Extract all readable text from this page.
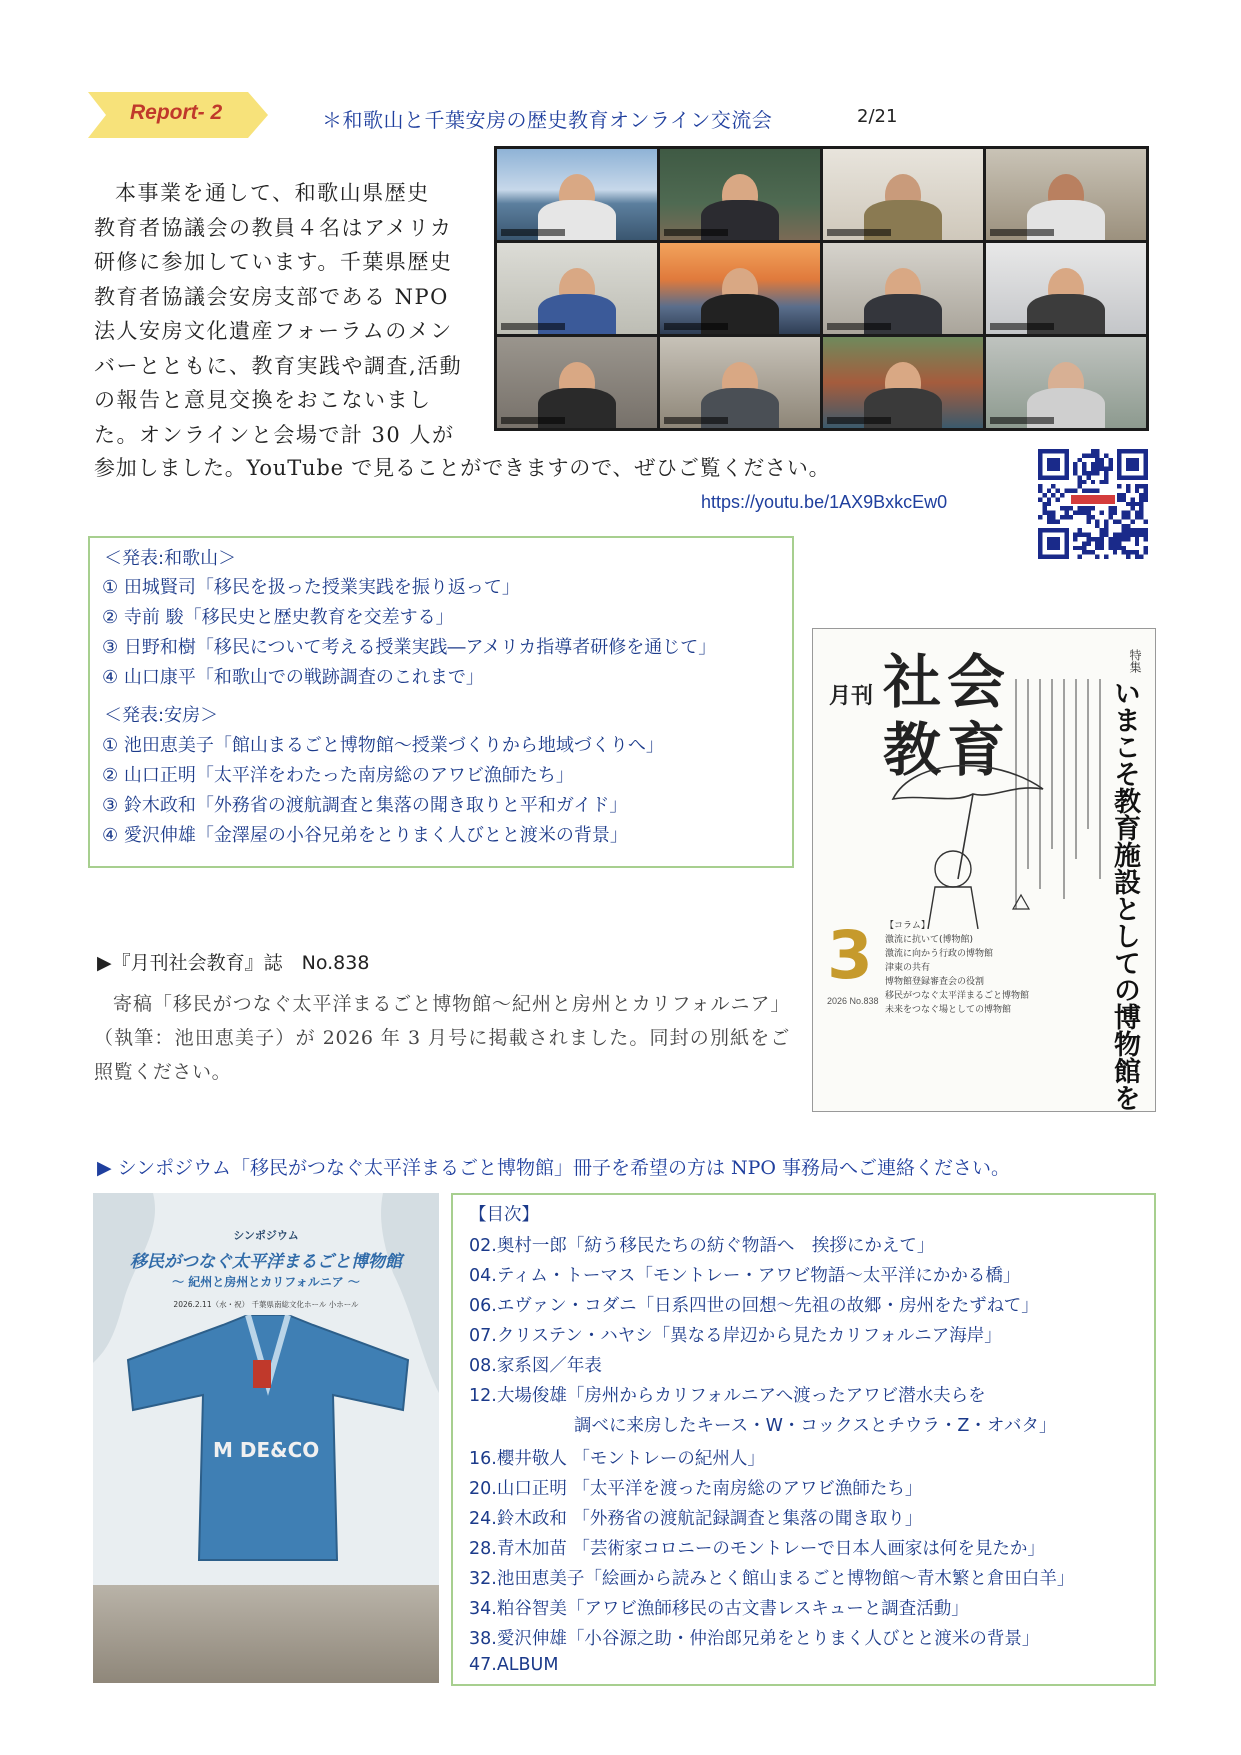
Report- 2	＊和歌山と千葉安房の歴史教育オンライン交流会	2/21
本事業を通して、和歌山県歴史
教育者協議会の教員４名はアメリカ
研修に参加しています。千葉県歴史
教育者協議会安房支部である NPO
法人安房文化遺産フォーラムのメン
バーとともに、教育実践や調査,活動
の報告と意見交換をおこないまし
た。オンラインと会場で計 30 人が
参加しました。YouTube で見ることができますので、ぜひご覧ください。
https://youtu.be/1AX9BxkcEw0
＜発表:和歌山＞
① 田城賢司「移民を扱った授業実践を振り返って」
② 寺前 駿「移民史と歴史教育を交差する」
③ 日野和樹「移民について考える授業実践―アメリカ指導者研修を通じて」
④ 山口康平「和歌山での戦跡調査のこれまで」
＜発表:安房＞
① 池田恵美子「館山まるごと博物館～授業づくりから地域づくりへ」
② 山口正明「太平洋をわたった南房総のアワビ漁師たち」
③ 鈴木政和「外務省の渡航調査と集落の聞き取りと平和ガイド」
④ 愛沢伸雄「金澤屋の小谷兄弟をとりまく人びとと渡米の背景」
月刊 社会
教育
特集
いまこそ教育施設としての博物館を
3
2026 No.838
【コラム】
激流に抗いて(博物館)
激流に向かう行政の博物館
津東の共有
博物館登録審査会の役割
移民がつなぐ太平洋まるごと博物館
未来をつなぐ場としての博物館
▶『月刊社会教育』誌　No.838
寄稿「移民がつなぐ太平洋まるごと博物館～紀州と房州とカリフォルニア」（執筆：池田恵美子）が 2026 年 3 月号に掲載されました。同封の別紙をご照覧ください。
▶ シンポジウム「移民がつなぐ太平洋まるごと博物館」冊子を希望の方は NPO 事務局へご連絡ください。
シンポジウム
移民がつなぐ太平洋まるごと博物館
～ 紀州と房州とカリフォルニア ～
2026.2.11（水・祝） 千葉県南総文化ホール 小ホール
M DE&CO
【目次】
02.奥村一郎「紡う移民たちの紡ぐ物語へ　挨拶にかえて」
04.ティム・トーマス「モントレー・アワビ物語～太平洋にかかる橋」
06.エヴァン・コダニ「日系四世の回想～先祖の故郷・房州をたずねて」
07.クリステン・ハヤシ「異なる岸辺から見たカリフォルニア海岸」
08.家系図／年表
12.大場俊雄「房州からカリフォルニアへ渡ったアワビ潜水夫らを
　　　　　　調べに来房したキース・W・コックスとチウラ・Z・オバタ」
16.櫻井敬人 「モントレーの紀州人」
20.山口正明 「太平洋を渡った南房総のアワビ漁師たち」
24.鈴木政和 「外務省の渡航記録調査と集落の聞き取り」
28.青木加苗 「芸術家コロニーのモントレーで日本人画家は何を見たか」
32.池田恵美子「絵画から読みとく館山まるごと博物館～青木繁と倉田白羊」
34.粕谷智美「アワビ漁師移民の古文書レスキューと調査活動」
38.愛沢伸雄「小谷源之助・仲治郎兄弟をとりまく人びとと渡米の背景」
47.ALBUM
